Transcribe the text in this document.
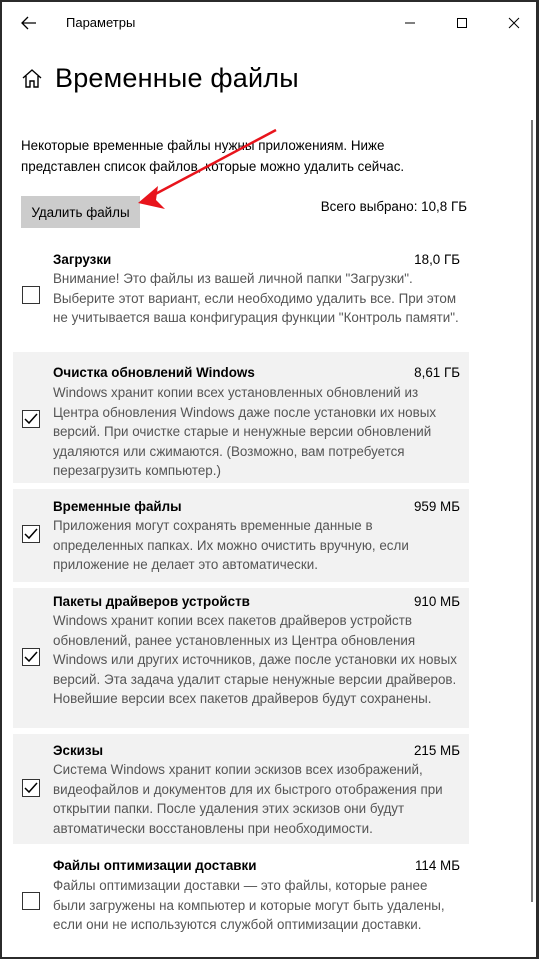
Параметры
Временные файлы
Некоторые временные файлы нужны приложениям. Ниже представлен список файлов, которые можно удалить сейчас.
Удалить файлы	Всего выбрано: 10,8 ГБ
Загрузки	18,0 ГБ
Внимание! Это файлы из вашей личной папки "Загрузки". Выберите этот вариант, если необходимо удалить все. При этом не учитывается ваша конфигурация функции "Контроль памяти".
Очистка обновлений Windows	8,61 ГБ
Windows хранит копии всех установленных обновлений из Центра обновления Windows даже после установки их новых версий. При очистке старые и ненужные версии обновлений удаляются или сжимаются. (Возможно, вам потребуется перезагрузить компьютер.)
Временные файлы	959 МБ
Приложения могут сохранять временные данные в определенных папках. Их можно очистить вручную, если приложение не делает это автоматически.
Пакеты драйверов устройств	910 МБ
Windows хранит копии всех пакетов драйверов устройств обновлений, ранее установленных из Центра обновления Windows или других источников, даже после установки их новых версий. Эта задача удалит старые ненужные версии драйверов. Новейшие версии всех пакетов драйверов будут сохранены.
Эскизы	215 МБ
Система Windows хранит копии эскизов всех изображений, видеофайлов и документов для их быстрого отображения при открытии папки. После удаления этих эскизов они будут автоматически восстановлены при необходимости.
Файлы оптимизации доставки	114 МБ
Файлы оптимизации доставки — это файлы, которые ранее были загружены на компьютер и которые могут быть удалены, если они не используются службой оптимизации доставки.
